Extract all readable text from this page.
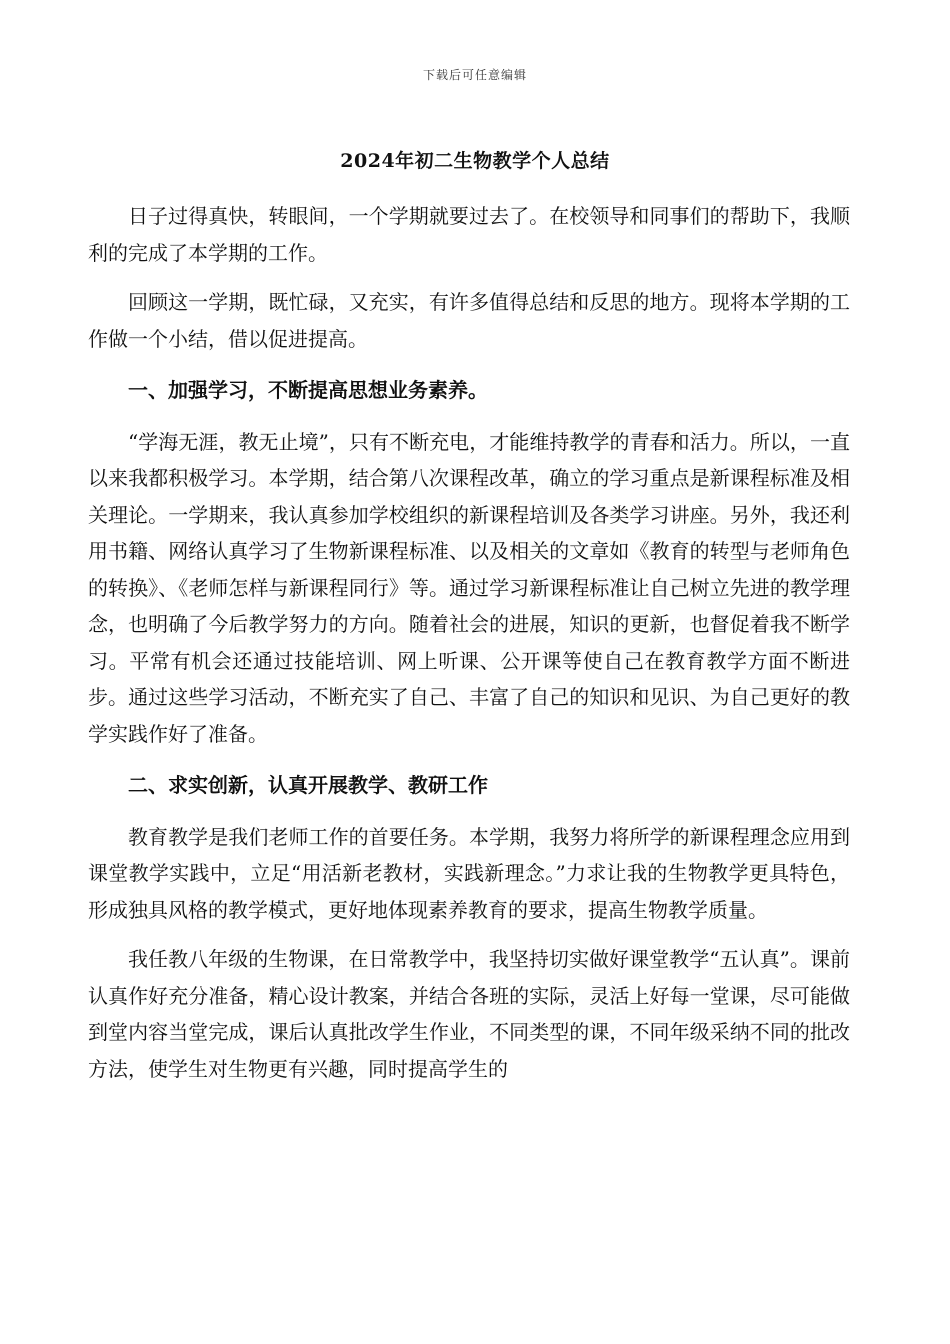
下载后可任意编辑
2024年初二生物教学个人总结

日子过得真快，转眼间，一个学期就要过去了。在校领导和同事们的帮助下，我顺利的完成了本学期的工作。

回顾这一学期，既忙碌，又充实，有许多值得总结和反思的地方。现将本学期的工作做一个小结，借以促进提高。

一、加强学习，不断提高思想业务素养。

“学海无涯，教无止境”，只有不断充电，才能维持教学的青春和活力。所以，一直以来我都积极学习。本学期，结合第八次课程改革，确立的学习重点是新课程标准及相关理论。一学期来，我认真参加学校组织的新课程培训及各类学习讲座。另外，我还利用书籍、网络认真学习了生物新课程标准、以及相关的文章如《教育的转型与老师角色的转换》、《老师怎样与新课程同行》等。通过学习新课程标准让自己树立先进的教学理念，也明确了今后教学努力的方向。随着社会的进展，知识的更新，也督促着我不断学习。平常有机会还通过技能培训、网上听课、公开课等使自己在教育教学方面不断进步。通过这些学习活动，不断充实了自己、丰富了自己的知识和见识、为自己更好的教学实践作好了准备。

二、求实创新，认真开展教学、教研工作

教育教学是我们老师工作的首要任务。本学期，我努力将所学的新课程理念应用到课堂教学实践中，立足“用活新老教材，实践新理念。”力求让我的生物教学更具特色，形成独具风格的教学模式，更好地体现素养教育的要求，提高生物教学质量。

我任教八年级的生物课，在日常教学中，我坚持切实做好课堂教学“五认真”。课前认真作好充分准备，精心设计教案，并结合各班的实际，灵活上好每一堂课，尽可能做到堂内容当堂完成，课后认真批改学生作业，不同类型的课，不同年级采纳不同的批改方法，使学生对生物更有兴趣，同时提高学生的
